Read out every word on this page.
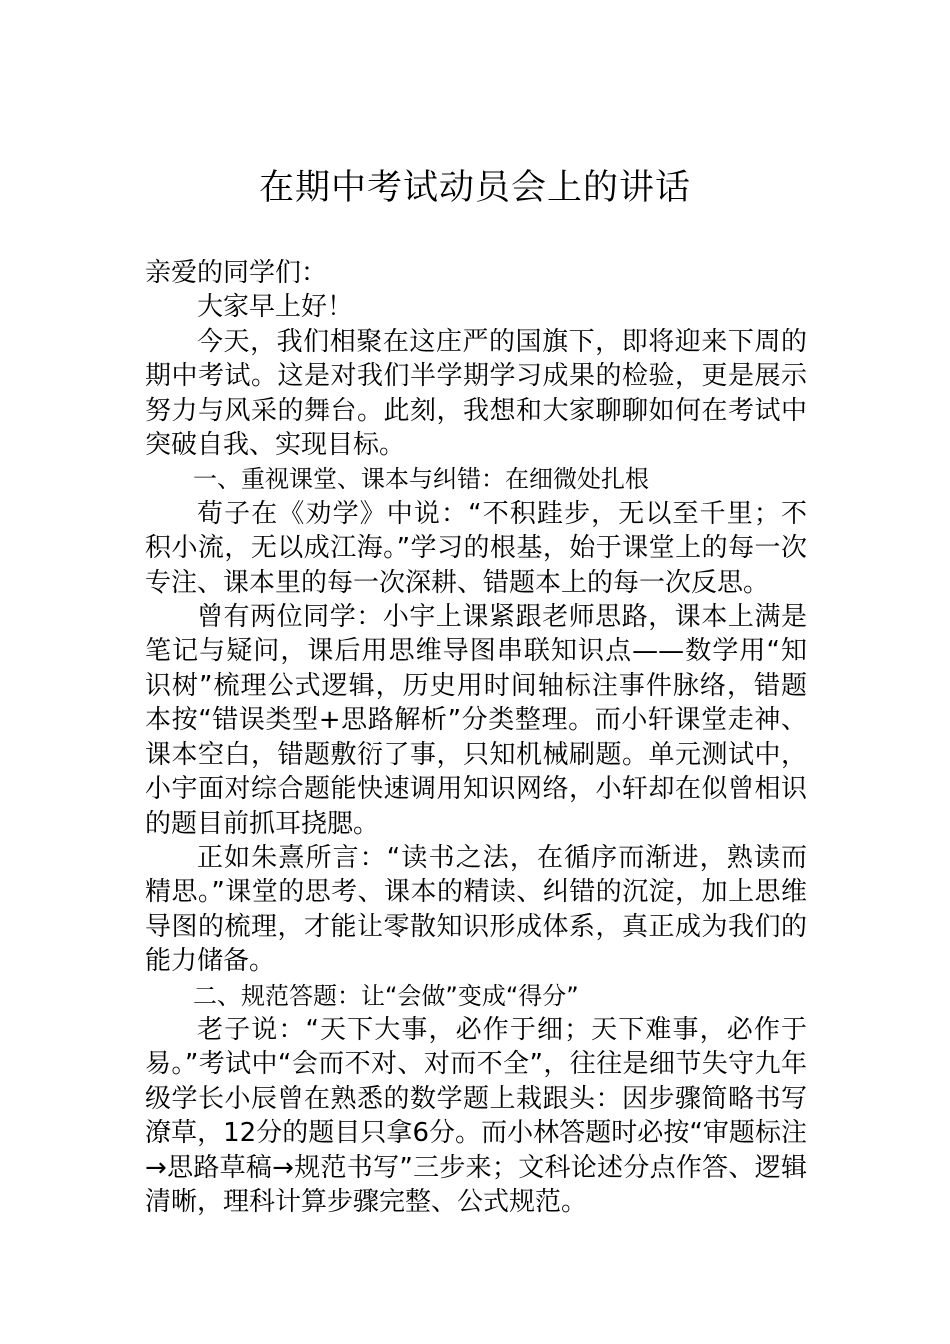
在期中考试动员会上的讲话

亲爱的同学们：

大家早上好！

今天，我们相聚在这庄严的国旗下，即将迎来下周的期中考试。这是对我们半学期学习成果的检验，更是展示努力与风采的舞台。此刻，我想和大家聊聊如何在考试中突破自我、实现目标。

一、重视课堂、课本与纠错：在细微处扎根

荀子在《劝学》中说：“不积跬步，无以至千里；不积小流，无以成江海。”学习的根基，始于课堂上的每一次专注、课本里的每一次深耕、错题本上的每一次反思。

曾有两位同学：小宇上课紧跟老师思路，课本上满是笔记与疑问，课后用思维导图串联知识点——数学用“知识树”梳理公式逻辑，历史用时间轴标注事件脉络，错题本按“错误类型+思路解析”分类整理。而小轩课堂走神、课本空白，错题敷衍了事，只知机械刷题。单元测试中，小宇面对综合题能快速调用知识网络，小轩却在似曾相识的题目前抓耳挠腮。

正如朱熹所言：“读书之法，在循序而渐进，熟读而精思。”课堂的思考、课本的精读、纠错的沉淀，加上思维导图的梳理，才能让零散知识形成体系，真正成为我们的能力储备。

二、规范答题：让“会做”变成“得分”

老子说：“天下大事，必作于细；天下难事，必作于易。”考试中“会而不对、对而不全”，往往是细节失守九年级学长小辰曾在熟悉的数学题上栽跟头：因步骤简略书写潦草，12分的题目只拿6分。而小林答题时必按“审题标注→思路草稿→规范书写”三步来；文科论述分点作答、逻辑清晰，理科计算步骤完整、公式规范。
